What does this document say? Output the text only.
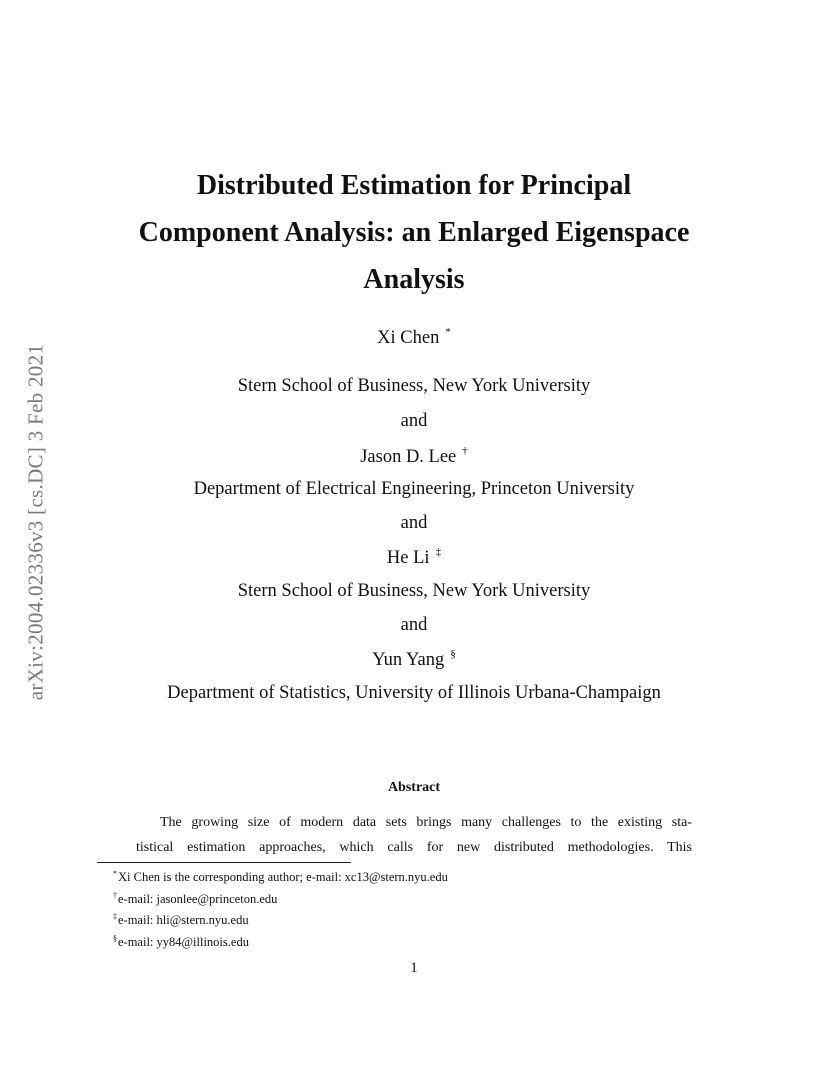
arXiv:2004.02336v3 [cs.DC] 3 Feb 2021
Distributed Estimation for Principal
Component Analysis: an Enlarged Eigenspace
Analysis
Xi Chen *
Stern School of Business, New York University
and
Jason D. Lee †
Department of Electrical Engineering, Princeton University
and
He Li ‡
Stern School of Business, New York University
and
Yun Yang §
Department of Statistics, University of Illinois Urbana-Champaign
Abstract
The growing size of modern data sets brings many challenges to the existing sta-
tistical estimation approaches, which calls for new distributed methodologies. This
*Xi Chen is the corresponding author; e-mail: xc13@stern.nyu.edu
†e-mail: jasonlee@princeton.edu
‡e-mail: hli@stern.nyu.edu
§e-mail: yy84@illinois.edu
1
